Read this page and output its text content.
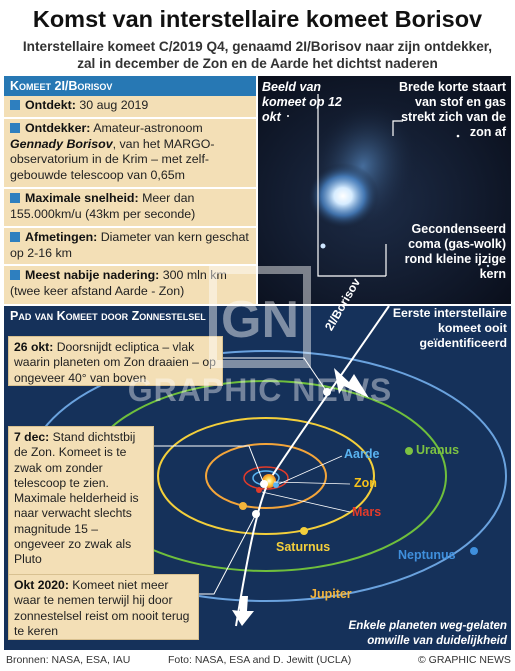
Komst van interstellaire komeet Borisov
Interstellaire komeet C/2019 Q4, genaamd 2I/Borisov naar zijn ontdekker,
zal in december de Zon en de Aarde het dichtst naderen
Komeet 2I/Borisov
Ontdekt: 30 aug 2019
Ontdekker: Amateur-astronoom Gennady Borisov, van het MARGO-observatorium in de Krim – met zelf-gebouwde telescoop van 0,65m
Maximale snelheid: Meer dan 155.000km/u (43km per seconde)
Afmetingen: Diameter van kern geschat op 2-16 km
Meest nabije nadering: 300 mln km (twee keer afstand Aarde - Zon)
Beeld van komeet op 12 okt
Brede korte staart van stof en gas strekt zich van de zon af
Gecondenseerd coma (gas-wolk) rond kleine ijzige kern
Pad van Komeet door Zonnestelsel	2I/Borisov	Eerste interstellaire komeet ooit geïdentificeerd
Enkele planeten weg-gelaten omwille van duidelijkheid
26 okt: Doorsnijdt ecliptica – vlak waarin planeten om Zon draaien – op ongeveer 40° van boven
7 dec: Stand dichtstbij de Zon. Komeet is te zwak om zonder telescoop te zien. Maximale helderheid is naar verwacht slechts magnitude 15 – ongeveer zo zwak als Pluto
Okt 2020: Komeet niet meer waar te nemen terwijl hij door zonnestelsel reist om nooit terug te keren
Aarde
Zon
Mars
Saturnus
Jupiter
Uranus
Neptunus
GN
GRAPHIC NEWS
Bronnen: NASA, ESA, IAU	Foto: NASA, ESA and D. Jewitt (UCLA)	© GRAPHIC NEWS
